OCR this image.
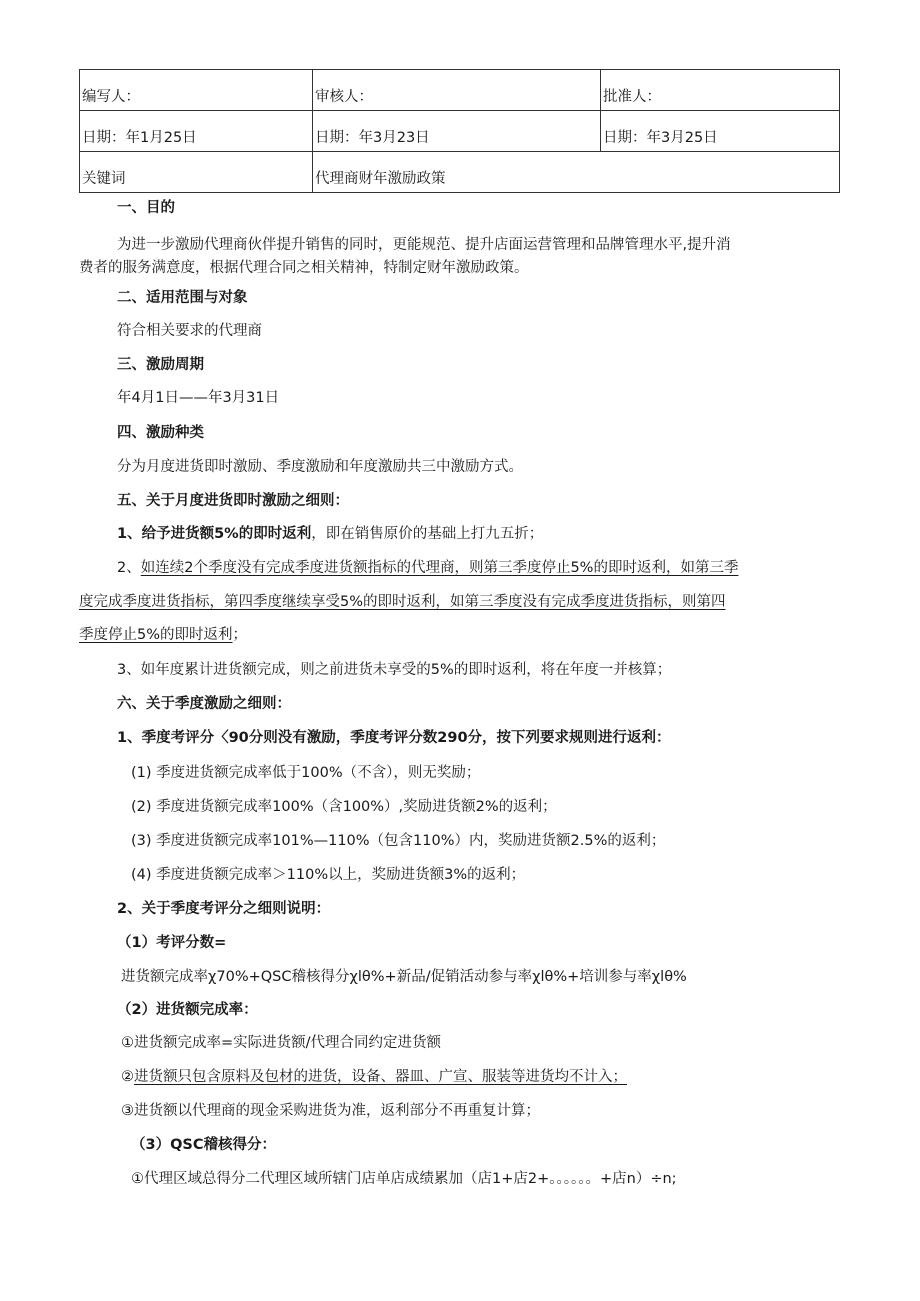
编写人：	审核人：	批准人：
日期：年1月25日	日期：年3月23日	日期：年3月25日
关键词	代理商财年激励政策	
一、目的
为进一步激励代理商伙伴提升销售的同时，更能规范、提升店面运营管理和品牌管理水平,提升消
费者的服务满意度，根据代理合同之相关精神，特制定财年激励政策。
二、适用范围与对象
符合相关要求的代理商
三、激励周期
年4月1日——年3月31日
四、激励种类
分为月度进货即时激励、季度激励和年度激励共三中激励方式。
五、关于月度进货即时激励之细则：
1、给予进货额5%的即时返利，即在销售原价的基础上打九五折；
2、如连续2个季度没有完成季度进货额指标的代理商，则第三季度停止5%的即时返利，如第三季
度完成季度进货指标，第四季度继续享受5%的即时返利，如第三季度没有完成季度进货指标，则第四
季度停止5%的即时返利；
3、如年度累计进货额完成，则之前进货未享受的5%的即时返利，将在年度一并核算；
六、关于季度激励之细则：
1、季度考评分〈90分则没有激励，季度考评分数290分，按下列要求规则进行返利：
(1) 季度进货额完成率低于100%（不含），则无奖励；
(2) 季度进货额完成率100%（含100%）,奖励进货额2%的返利；
(3) 季度进货额完成率101%—110%（包含110%）内，奖励进货额2.5%的返利；
(4) 季度进货额完成率＞110%以上，奖励进货额3%的返利；
2、关于季度考评分之细则说明：
（1）考评分数=
进货额完成率χ70%+QSC稽核得分χlθ%+新品/促销活动参与率χlθ%+培训参与率χlθ%
（2）进货额完成率：
①进货额完成率=实际进货额/代理合同约定进货额
②进货额只包含原料及包材的进货，设备、器皿、广宣、服装等进货均不计入；
③进货额以代理商的现金采购进货为准，返利部分不再重复计算；
（3）QSC稽核得分：
①代理区域总得分二代理区域所辖门店单店成绩累加（店1+店2+。。。。。。+店n）÷n;
